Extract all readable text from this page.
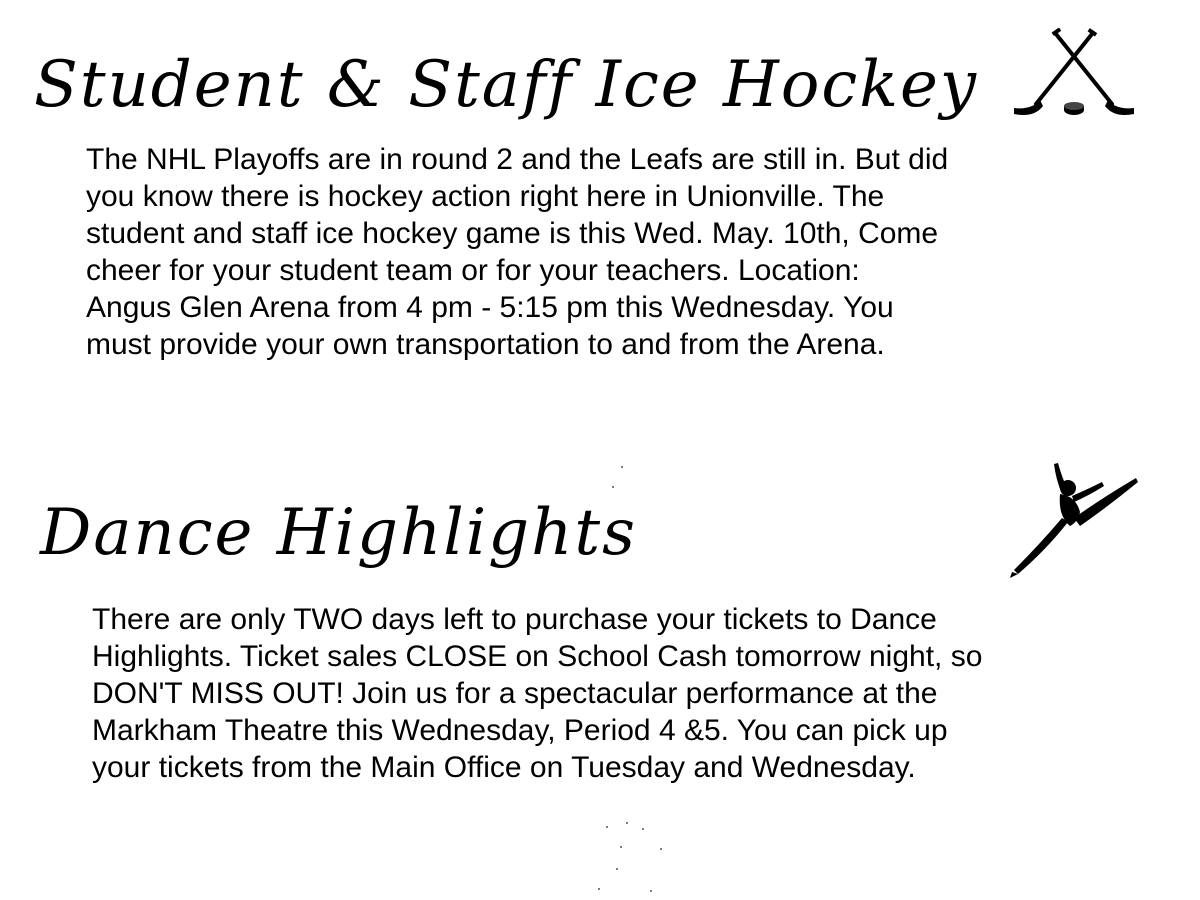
Student & Staff Ice Hockey
The NHL Playoffs are in round 2 and the Leafs are still in. But did
you know there is hockey action right here in Unionville. The
student and staff ice hockey game is this Wed. May. 10th, Come
cheer for your student team or for your teachers. Location:
Angus Glen Arena from 4 pm - 5:15 pm this Wednesday. You
must provide your own transportation to and from the Arena.
Dance Highlights
There are only TWO days left to purchase your tickets to Dance
Highlights. Ticket sales CLOSE on School Cash tomorrow night, so
DON'T MISS OUT! Join us for a spectacular performance at the
Markham Theatre this Wednesday, Period 4 &5. You can pick up
your tickets from the Main Office on Tuesday and Wednesday.
